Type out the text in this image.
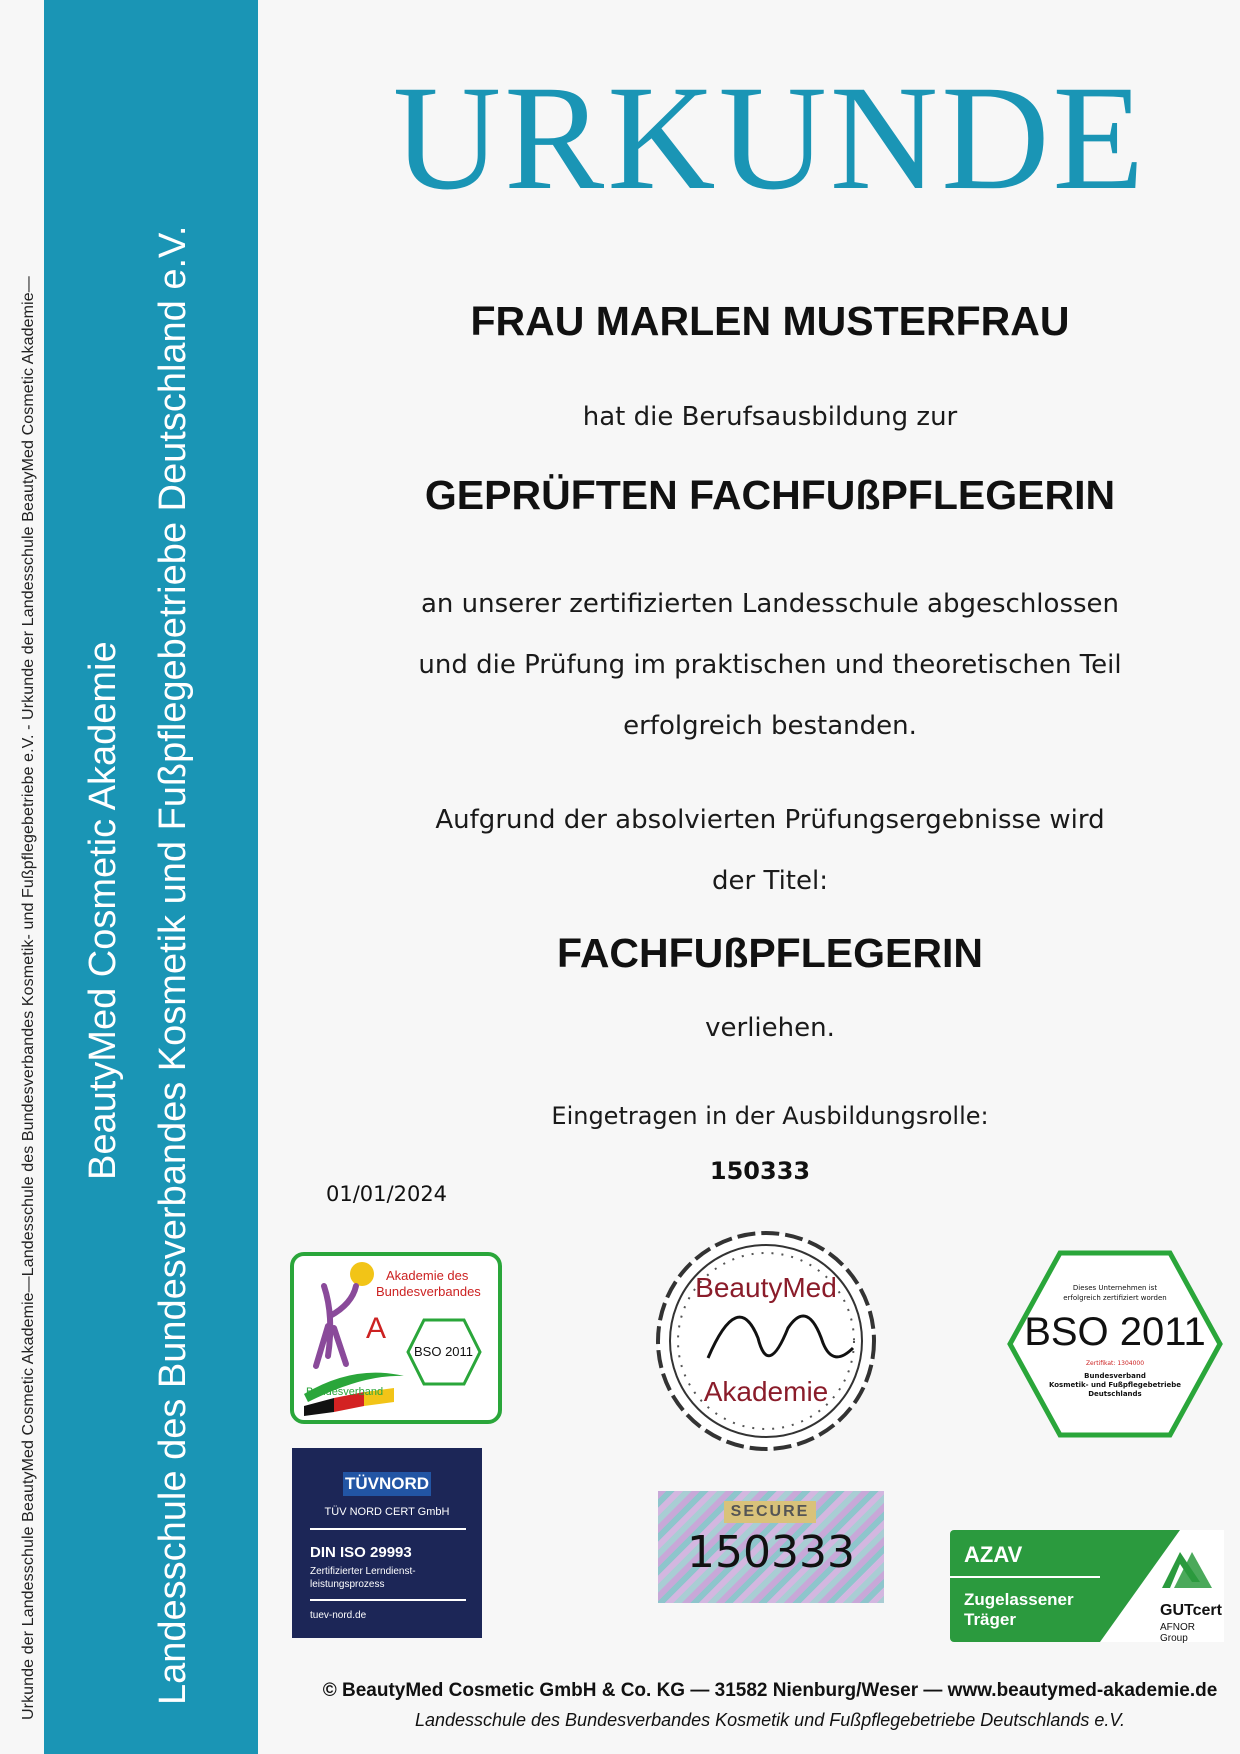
Urkunde der Landesschule BeautyMed Cosmetic Akademie—Landesschule des Bundesverbandes Kosmetik- und Fußpflegebetriebe e.V. - Urkunde der Landesschule BeautyMed Cosmetic Akademie— BeautyMed Cosmetic Akademie Landesschule des Bundesverbandes Kosmetik und Fußpflegebetriebe Deutschland e.V.
URKUNDE
FRAU MARLEN MUSTERFRAU
hat die Berufsausbildung zur
GEPRÜFTEN FACHFUßPFLEGERIN
an unserer zertifizierten Landesschule abgeschlossen
und die Prüfung im praktischen und theoretischen Teil
erfolgreich bestanden.
Aufgrund der absolvierten Prüfungsergebnisse wird
der Titel:
FACHFUßPFLEGERIN
verliehen.
Eingetragen in der Ausbildungsrolle:
150333
01/01/2024
Akademie des
Bundesverbandes
A
BSO 2011
Bundesverband
TÜVNORD
TÜV NORD CERT GmbH
DIN ISO 29993
Zertifizierter Lerndienst-
leistungsprozess
tuev-nord.de
BeautyMed
Akademie
SECURE
150333
Dieses Unternehmen ist
erfolgreich zertifiziert worden
BSO 2011
Zertifikat: 1304000
Bundesverband
Kosmetik- und Fußpflegebetriebe
Deutschlands
AZAV
Zugelassener
Träger	GUTcert
AFNOR Group
© BeautyMed Cosmetic GmbH & Co. KG — 31582 Nienburg/Weser — www.beautymed-akademie.de
Landesschule des Bundesverbandes Kosmetik und Fußpflegebetriebe Deutschlands e.V.
